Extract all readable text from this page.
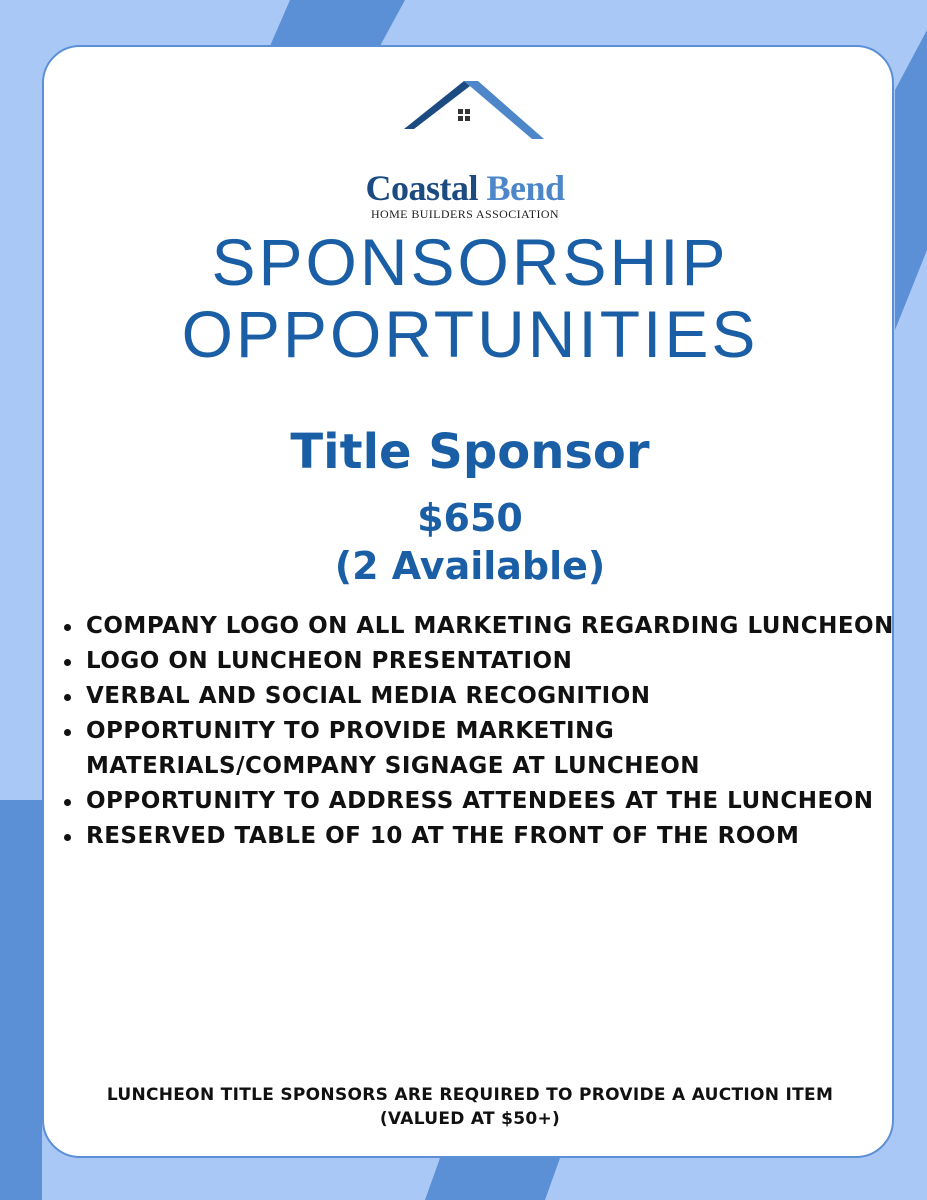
Coastal Bend
HOME BUILDERS ASSOCIATION
SPONSORSHIP
OPPORTUNITIES
Title Sponsor
$650
(2 Available)
COMPANY LOGO ON ALL MARKETING REGARDING LUNCHEON
LOGO ON LUNCHEON PRESENTATION
VERBAL AND SOCIAL MEDIA RECOGNITION
OPPORTUNITY TO PROVIDE MARKETING
MATERIALS/COMPANY SIGNAGE AT LUNCHEON
OPPORTUNITY TO ADDRESS ATTENDEES AT THE LUNCHEON
RESERVED TABLE OF 10 AT THE FRONT OF THE ROOM
LUNCHEON TITLE SPONSORS ARE REQUIRED TO PROVIDE A AUCTION ITEM
(VALUED AT $50+)
